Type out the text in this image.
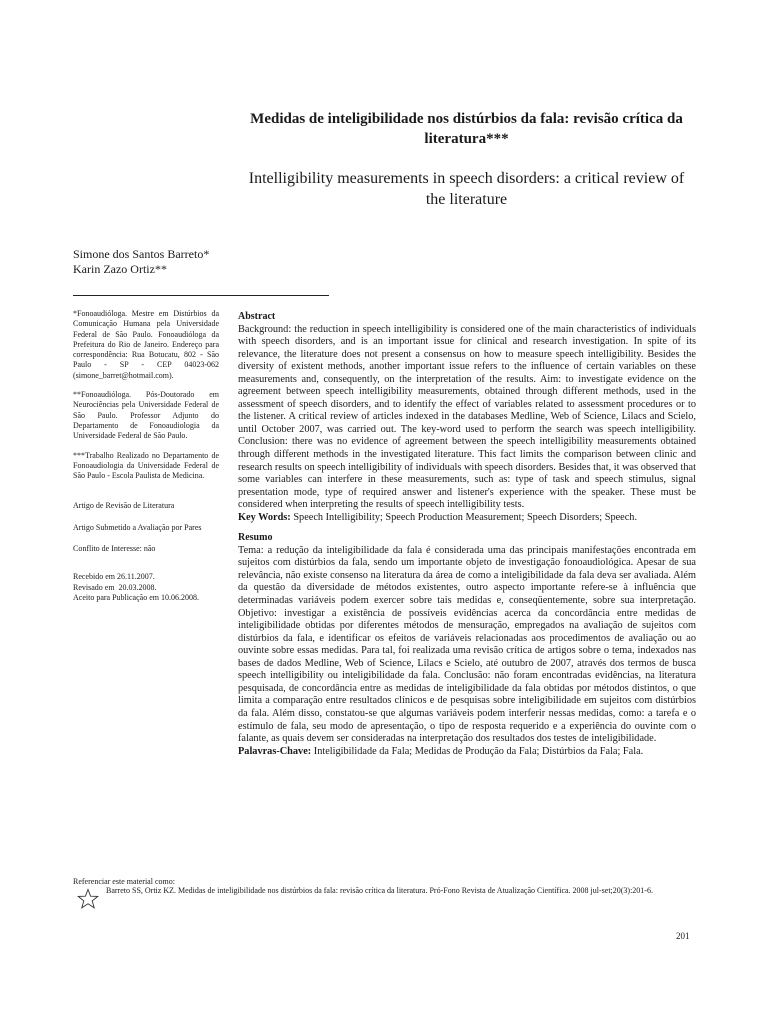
Medidas de inteligibilidade nos distúrbios da fala: revisão crítica da literatura***
Intelligibility measurements in speech disorders: a critical review of the literature
Simone dos Santos Barreto*
Karin Zazo Ortiz**

*Fonoaudióloga. Mestre em Distúrbios da Comunicação Humana pela Universidade Federal de São Paulo. Fonoaudióloga da Prefeitura do Rio de Janeiro. Endereço para correspondência: Rua Botucatu, 802 - São Paulo - SP - CEP 04023-062 (simone_barret@hotmail.com).

**Fonoaudióloga. Pós-Doutorado em Neurociências pela Universidade Federal de São Paulo. Professor Adjunto do Departamento de Fonoaudiologia da Universidade Federal de São Paulo.

***Trabalho Realizado no Departamento de Fonoaudiologia da Universidade Federal de São Paulo - Escola Paulista de Medicina.

Artigo de Revisão de Literatura

Artigo Submetido a Avaliação por Pares

Conflito de Interesse: não

Recebido em 26.11.2007.
Revisado em  20.03.2008.
Aceito para Publicação em 10.06.2008.

Abstract

Background: the reduction in speech intelligibility is considered one of the main characteristics of individuals with speech disorders, and is an important issue for clinical and research investigation. In spite of its relevance, the literature does not present a consensus on how to measure speech intelligibility. Besides the diversity of existent methods, another important issue refers to the influence of certain variables on these measurements and, consequently, on the interpretation of the results. Aim: to investigate evidence on the agreement between speech intelligibility measurements, obtained through different methods, used in the assessment of speech disorders, and to identify the effect of variables related to assessment procedures or to the listener. A critical review of articles indexed in the databases Medline, Web of Science, Lilacs and Scielo, until October 2007, was carried out. The key-word used to perform the search was speech intelligibility. Conclusion: there was no evidence of agreement between the speech intelligibility measurements obtained through different methods in the investigated literature. This fact limits the comparison between clinic and research results on speech intelligibility of individuals with speech disorders. Besides that, it was observed that some variables can interfere in these measurements, such as: type of task and speech stimulus, signal presentation mode, type of required answer and listener's experience with the speaker. These must be considered when interpreting the results of speech intelligibility tests.

Key Words: Speech Intelligibility; Speech Production Measurement; Speech Disorders; Speech.

Resumo

Tema: a redução da inteligibilidade da fala é considerada uma das principais manifestações encontrada em sujeitos com distúrbios da fala, sendo um importante objeto de investigação fonoaudiológica. Apesar de sua relevância, não existe consenso na literatura da área de como a inteligibilidade da fala deva ser avaliada. Além da questão da diversidade de métodos existentes, outro aspecto importante refere-se à influência que determinadas variáveis podem exercer sobre tais medidas e, conseqüentemente, sobre sua interpretação. Objetivo: investigar a existência de possíveis evidências acerca da concordância entre medidas de inteligibilidade obtidas por diferentes métodos de mensuração, empregados na avaliação de sujeitos com distúrbios da fala, e identificar os efeitos de variáveis relacionadas aos procedimentos de avaliação ou ao ouvinte sobre essas medidas. Para tal, foi realizada uma revisão crítica de artigos sobre o tema, indexados nas bases de dados Medline, Web of Science, Lilacs e Scielo, até outubro de 2007, através dos termos de busca speech intelligibility ou inteligibilidade da fala. Conclusão: não foram encontradas evidências, na literatura pesquisada, de concordância entre as medidas de inteligibilidade da fala obtidas por métodos distintos, o que limita a comparação entre resultados clínicos e de pesquisas sobre inteligibilidade em sujeitos com distúrbios da fala. Além disso, constatou-se que algumas variáveis podem interferir nessas medidas, como: a tarefa e o estímulo de fala, seu modo de apresentação, o tipo de resposta requerido e a experiência do ouvinte com o falante, as quais devem ser consideradas na interpretação dos resultados dos testes de inteligibilidade.

Palavras-Chave: Inteligibilidade da Fala; Medidas de Produção da Fala; Distúrbios da Fala; Fala.

Referenciar este material como:
Barreto SS, Ortiz KZ. Medidas de inteligibilidade nos distúrbios da fala: revisão crítica da literatura. Pró-Fono Revista de Atualização Científica. 2008 jul-set;20(3):201-6.
201
